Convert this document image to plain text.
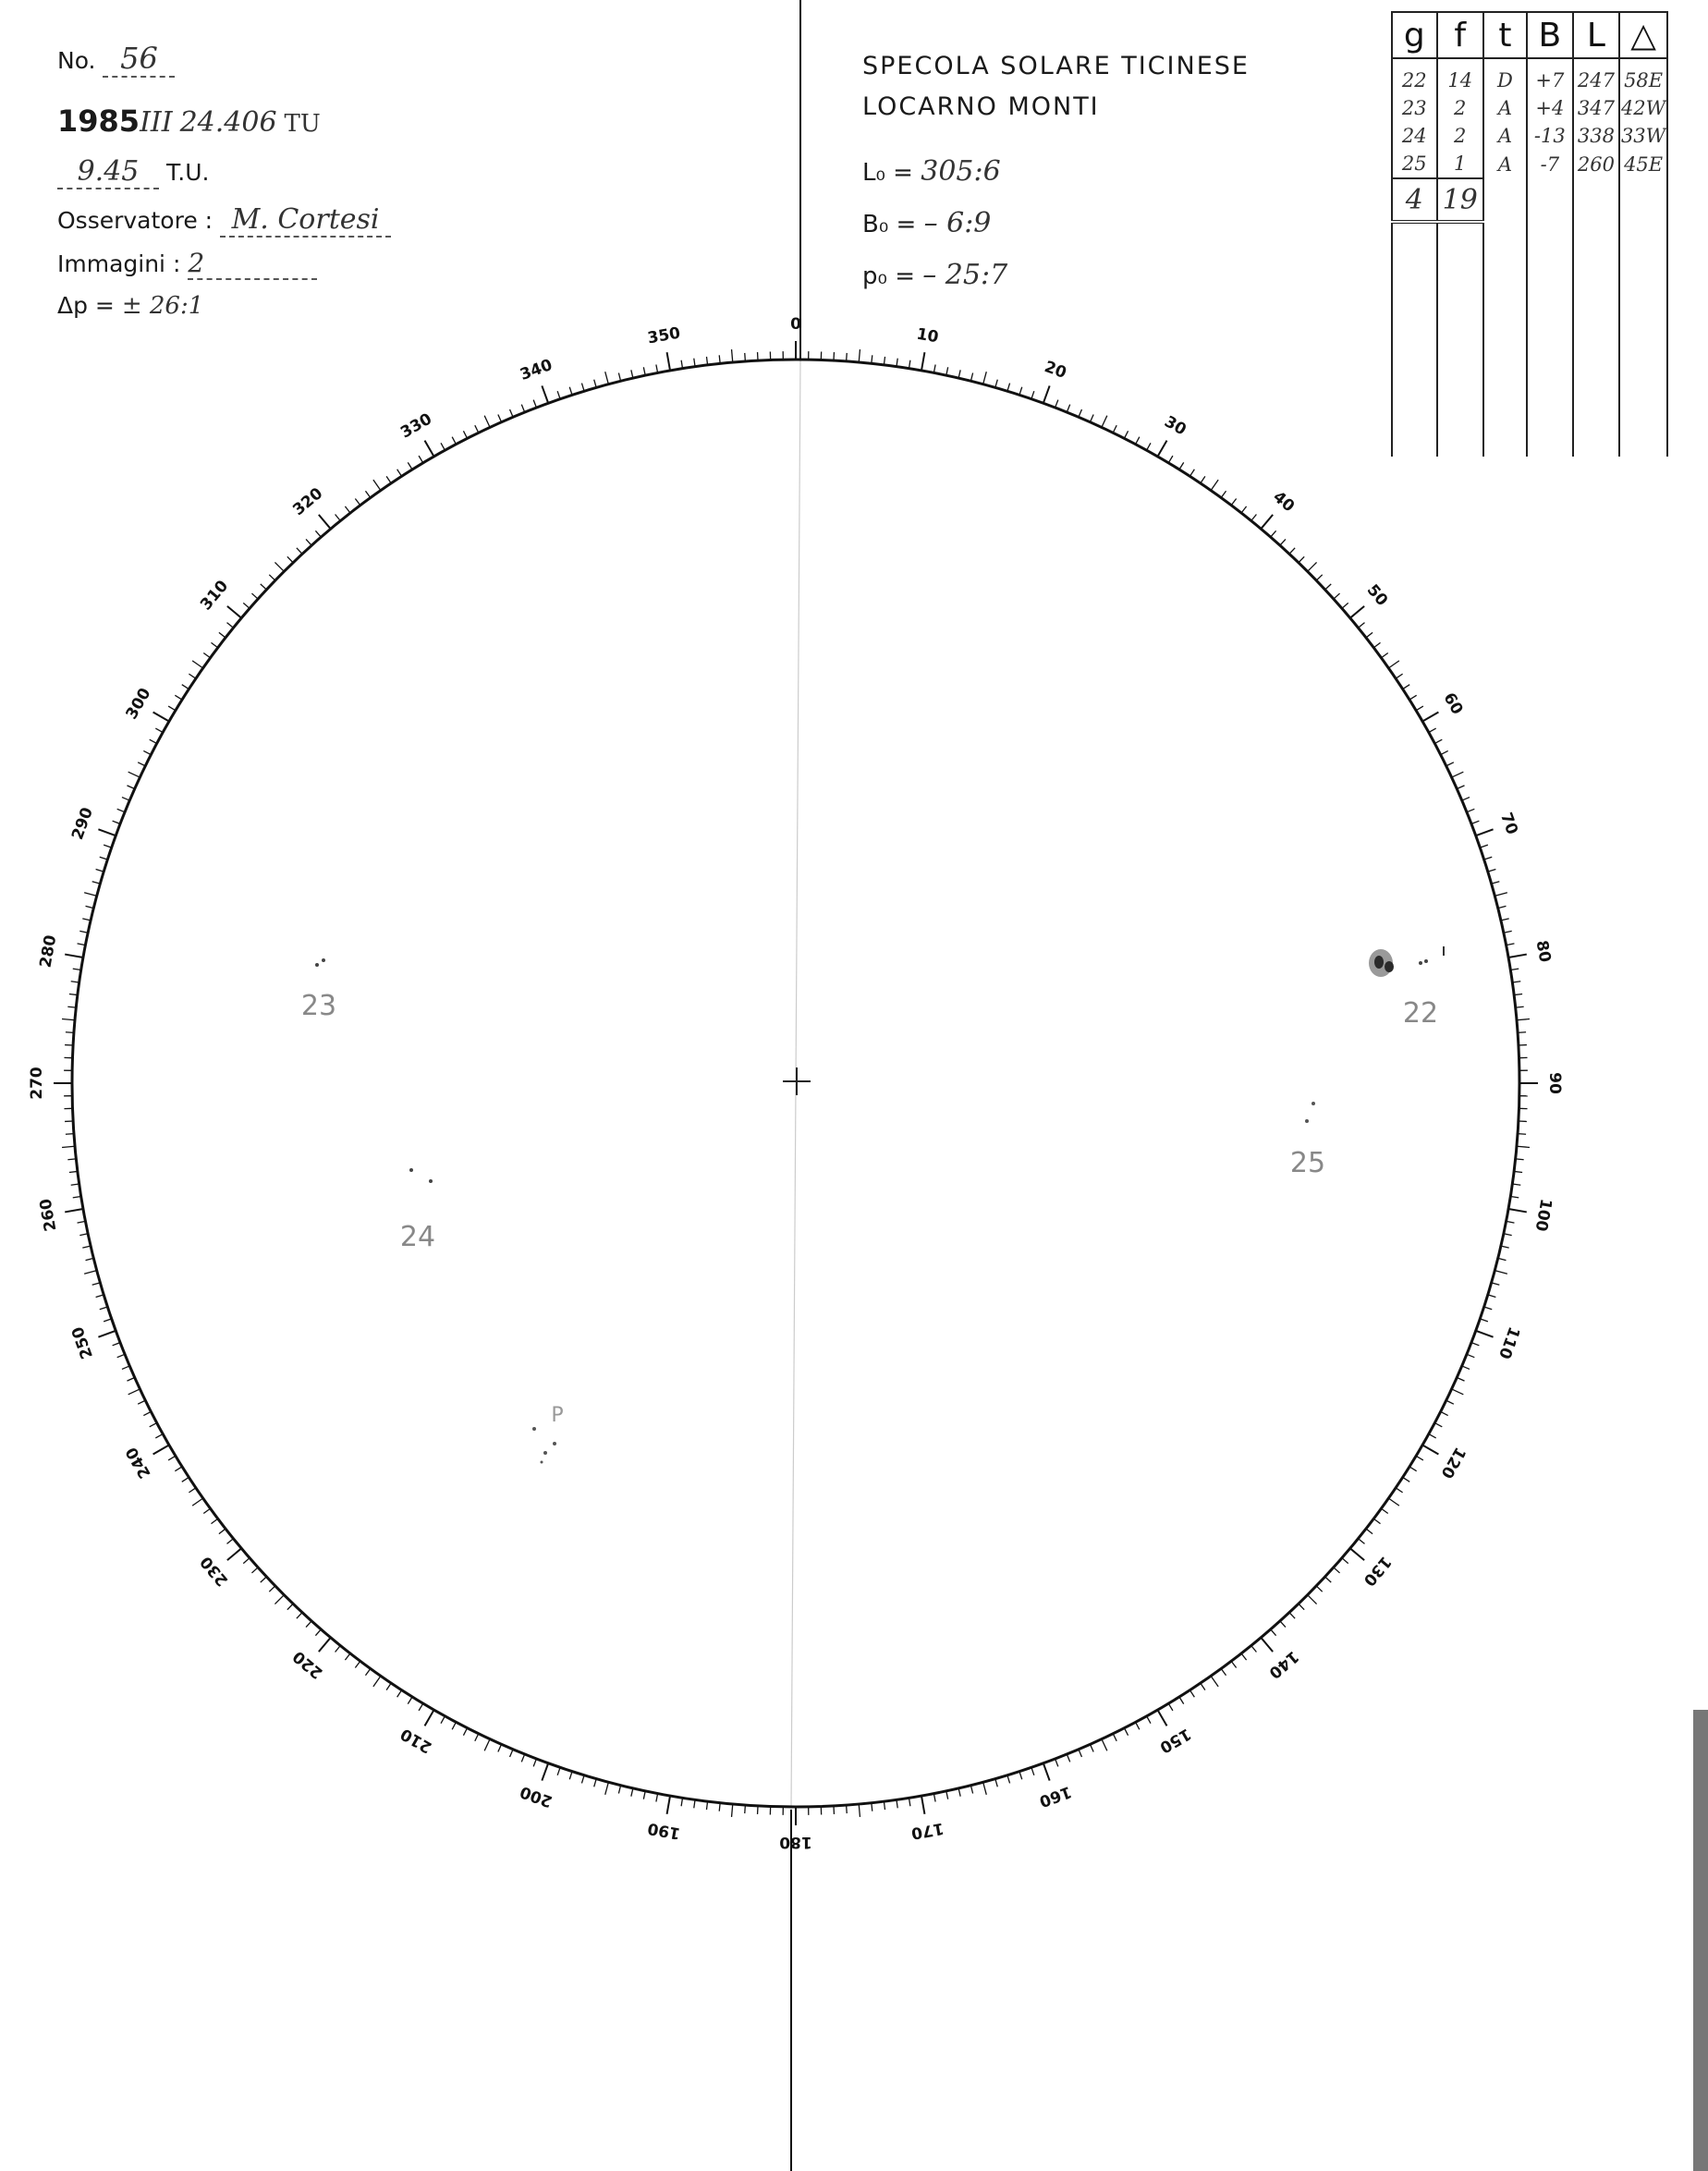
No. 56
1985III 24.406 TU
9.45 T.U.
Osservatore : M. Cortesi
Immagini : 2
Δp = ± 26:1
SPECOLA SOLARE TICINESE
LOCARNO MONTI
L₀ = 305:6
B₀ = – 6:9
p₀ = – 25:7
g	f	t	B	L	△

22	14	D	+7	247	58E
23	2	A	+4	347	42W
24	2	A	-13	338	33W
25	1	A	-7	260	45E
4	19				

0
10
20
30
40
50
60
70
80
90
100
110
120
130
140
150
160
170
180
190
200
210
220
230
240
250
260
270
280
290
300
310
320
330
340
350
22
23
24
25
P
